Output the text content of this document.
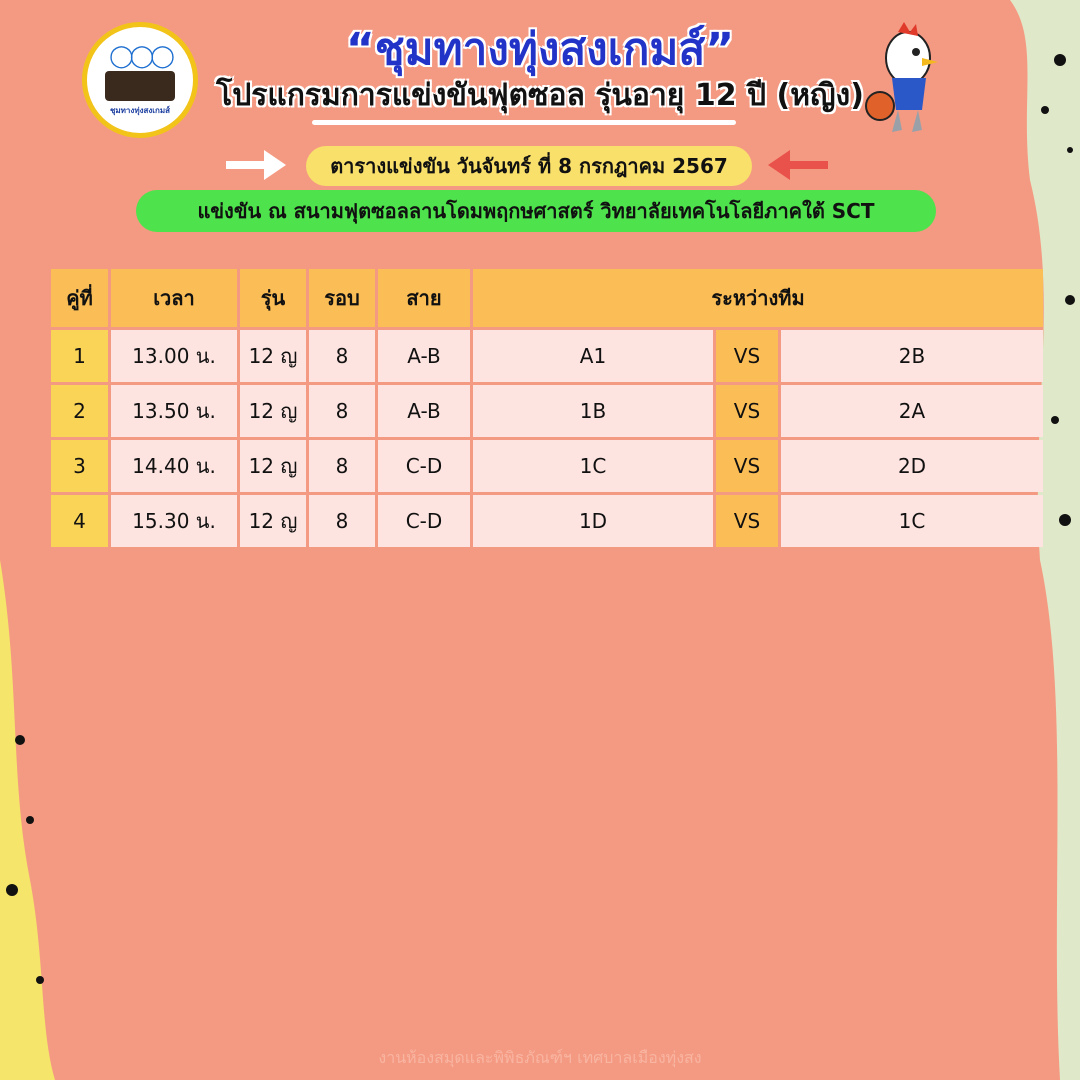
◯◯◯
ชุมทางทุ่งสงเกมส์
“ชุมทางทุ่งสงเกมส์”
โปรแกรมการแข่งขันฟุตซอล รุ่นอายุ 12 ปี (หญิง)
ตารางแข่งขัน วันจันทร์ ที่ 8 กรกฎาคม 2567
แข่งขัน ณ สนามฟุตซอลลานโดมพฤกษศาสตร์ วิทยาลัยเทคโนโลยีภาคใต้ SCT
คู่ที่	เวลา	รุ่น	รอบ	สาย	ระหว่างทีม		
1	13.00 น.	12 ญ	8	A-B	A1	VS	2B
2	13.50 น.	12 ญ	8	A-B	1B	VS	2A
3	14.40 น.	12 ญ	8	C-D	1C	VS	2D
4	15.30 น.	12 ญ	8	C-D	1D	VS	1C
งานห้องสมุดและพิพิธภัณฑ์ฯ เทศบาลเมืองทุ่งสง
